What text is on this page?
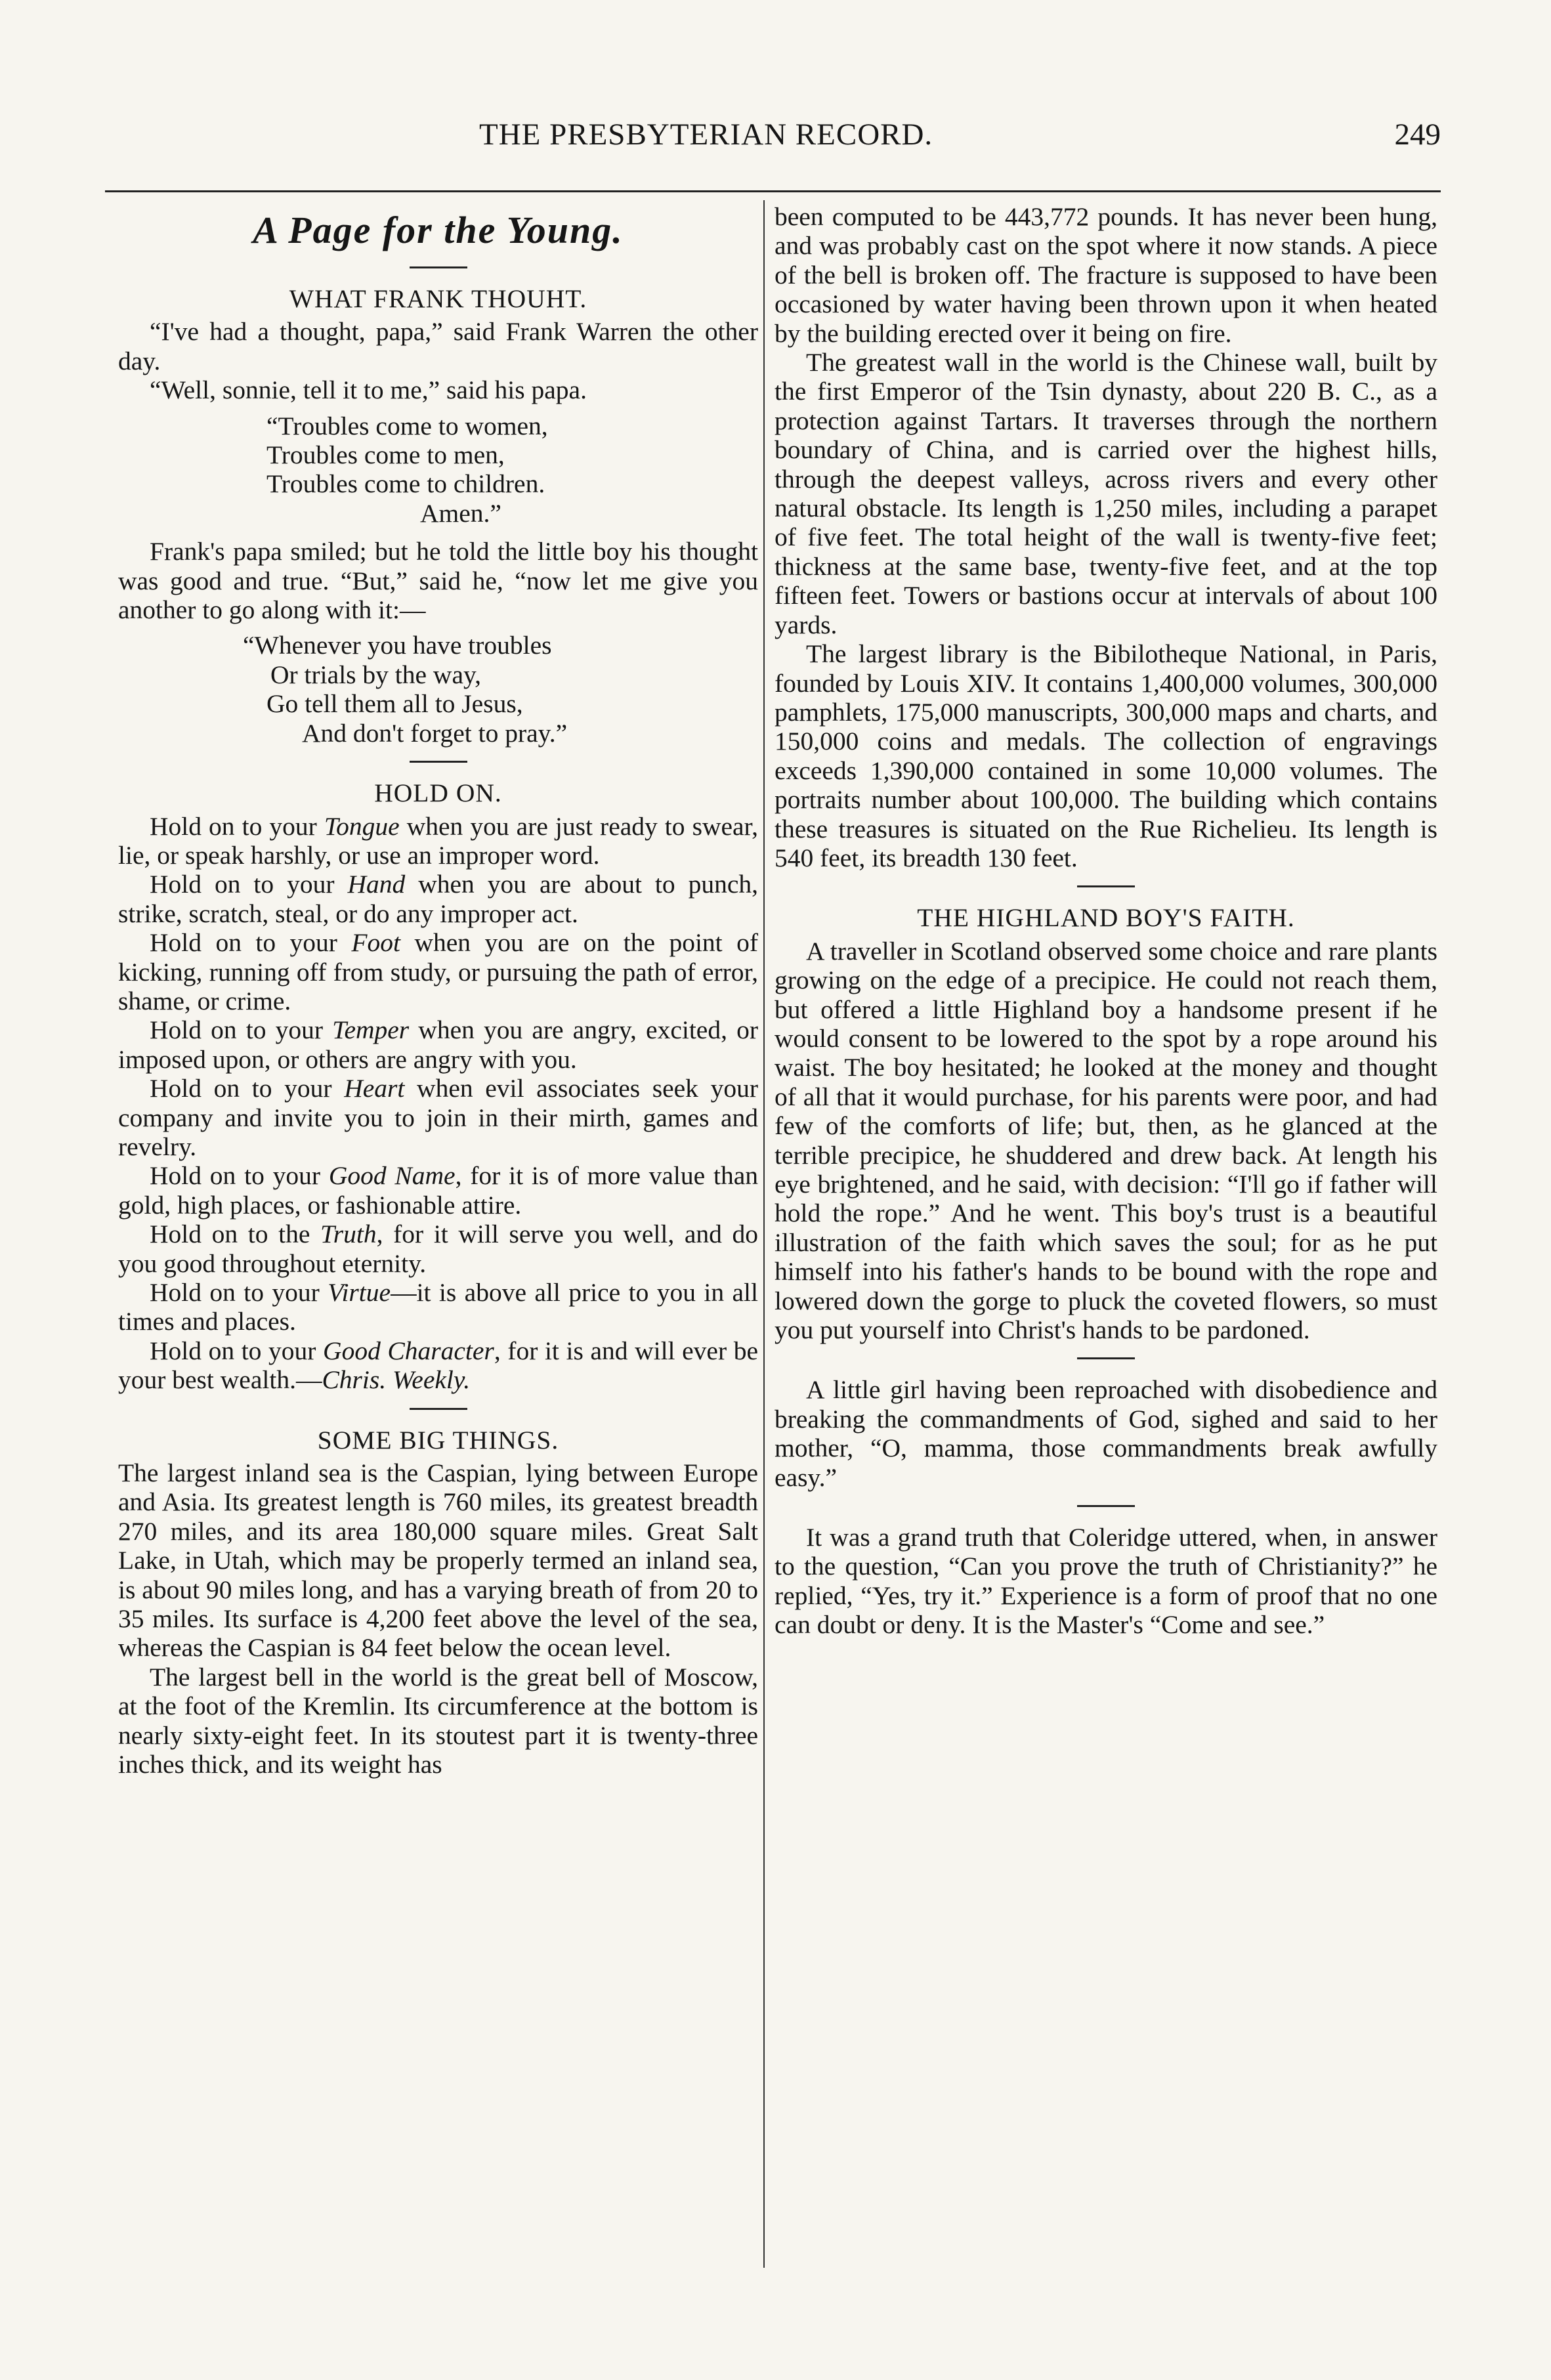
THE PRESBYTERIAN RECORD.	249
A Page for the Young.
WHAT FRANK THOUHT.

“I've had a thought, papa,” said Frank Warren the other day.

“Well, sonnie, tell it to me,” said his papa.

“Troubles come to women,
Troubles come to men,
Troubles come to children.
Amen.”

Frank's papa smiled; but he told the little boy his thought was good and true. “But,” said he, “now let me give you another to go along with it:—

“Whenever you have troubles
Or trials by the way,
Go tell them all to Jesus,
And don't forget to pray.”
HOLD ON.

Hold on to your Tongue when you are just ready to swear, lie, or speak harshly, or use an improper word.

Hold on to your Hand when you are about to punch, strike, scratch, steal, or do any improper act.

Hold on to your Foot when you are on the point of kicking, running off from study, or pursuing the path of error, shame, or crime.

Hold on to your Temper when you are angry, excited, or imposed upon, or others are angry with you.

Hold on to your Heart when evil associates seek your company and invite you to join in their mirth, games and revelry.

Hold on to your Good Name, for it is of more value than gold, high places, or fashionable attire.

Hold on to the Truth, for it will serve you well, and do you good throughout eternity.

Hold on to your Virtue—it is above all price to you in all times and places.

Hold on to your Good Character, for it is and will ever be your best wealth.—Chris. Weekly.

SOME BIG THINGS.

The largest inland sea is the Caspian, lying between Europe and Asia. Its greatest length is 760 miles, its greatest breadth 270 miles, and its area 180,000 square miles. Great Salt Lake, in Utah, which may be properly termed an inland sea, is about 90 miles long, and has a varying breath of from 20 to 35 miles. Its surface is 4,200 feet above the level of the sea, whereas the Caspian is 84 feet below the ocean level.

The largest bell in the world is the great bell of Moscow, at the foot of the Kremlin. Its circumference at the bottom is nearly sixty-eight feet. In its stoutest part it is twenty-three inches thick, and its weight has

been computed to be 443,772 pounds. It has never been hung, and was probably cast on the spot where it now stands. A piece of the bell is broken off. The fracture is supposed to have been occasioned by water having been thrown upon it when heated by the building erected over it being on fire.

The greatest wall in the world is the Chinese wall, built by the first Emperor of the Tsin dynasty, about 220 B. C., as a protection against Tartars. It traverses through the northern boundary of China, and is carried over the highest hills, through the deepest valleys, across rivers and every other natural obstacle. Its length is 1,250 miles, including a parapet of five feet. The total height of the wall is twenty-five feet; thickness at the same base, twenty-five feet, and at the top fifteen feet. Towers or bastions occur at intervals of about 100 yards.

The largest library is the Bibilotheque National, in Paris, founded by Louis XIV. It contains 1,400,000 volumes, 300,000 pamphlets, 175,000 manuscripts, 300,000 maps and charts, and 150,000 coins and medals. The collection of engravings exceeds 1,390,000 contained in some 10,000 volumes. The portraits number about 100,000. The building which contains these treasures is situated on the Rue Richelieu. Its length is 540 feet, its breadth 130 feet.

THE HIGHLAND BOY'S FAITH.

A traveller in Scotland observed some choice and rare plants growing on the edge of a precipice. He could not reach them, but offered a little Highland boy a handsome present if he would consent to be lowered to the spot by a rope around his waist. The boy hesitated; he looked at the money and thought of all that it would purchase, for his parents were poor, and had few of the comforts of life; but, then, as he glanced at the terrible precipice, he shuddered and drew back. At length his eye brightened, and he said, with decision: “I'll go if father will hold the rope.” And he went. This boy's trust is a beautiful illustration of the faith which saves the soul; for as he put himself into his father's hands to be bound with the rope and lowered down the gorge to pluck the coveted flowers, so must you put yourself into Christ's hands to be pardoned.

A little girl having been reproached with disobedience and breaking the commandments of God, sighed and said to her mother, “O, mamma, those commandments break awfully easy.”

It was a grand truth that Coleridge uttered, when, in answer to the question, “Can you prove the truth of Christianity?” he replied, “Yes, try it.” Experience is a form of proof that no one can doubt or deny. It is the Master's “Come and see.”
